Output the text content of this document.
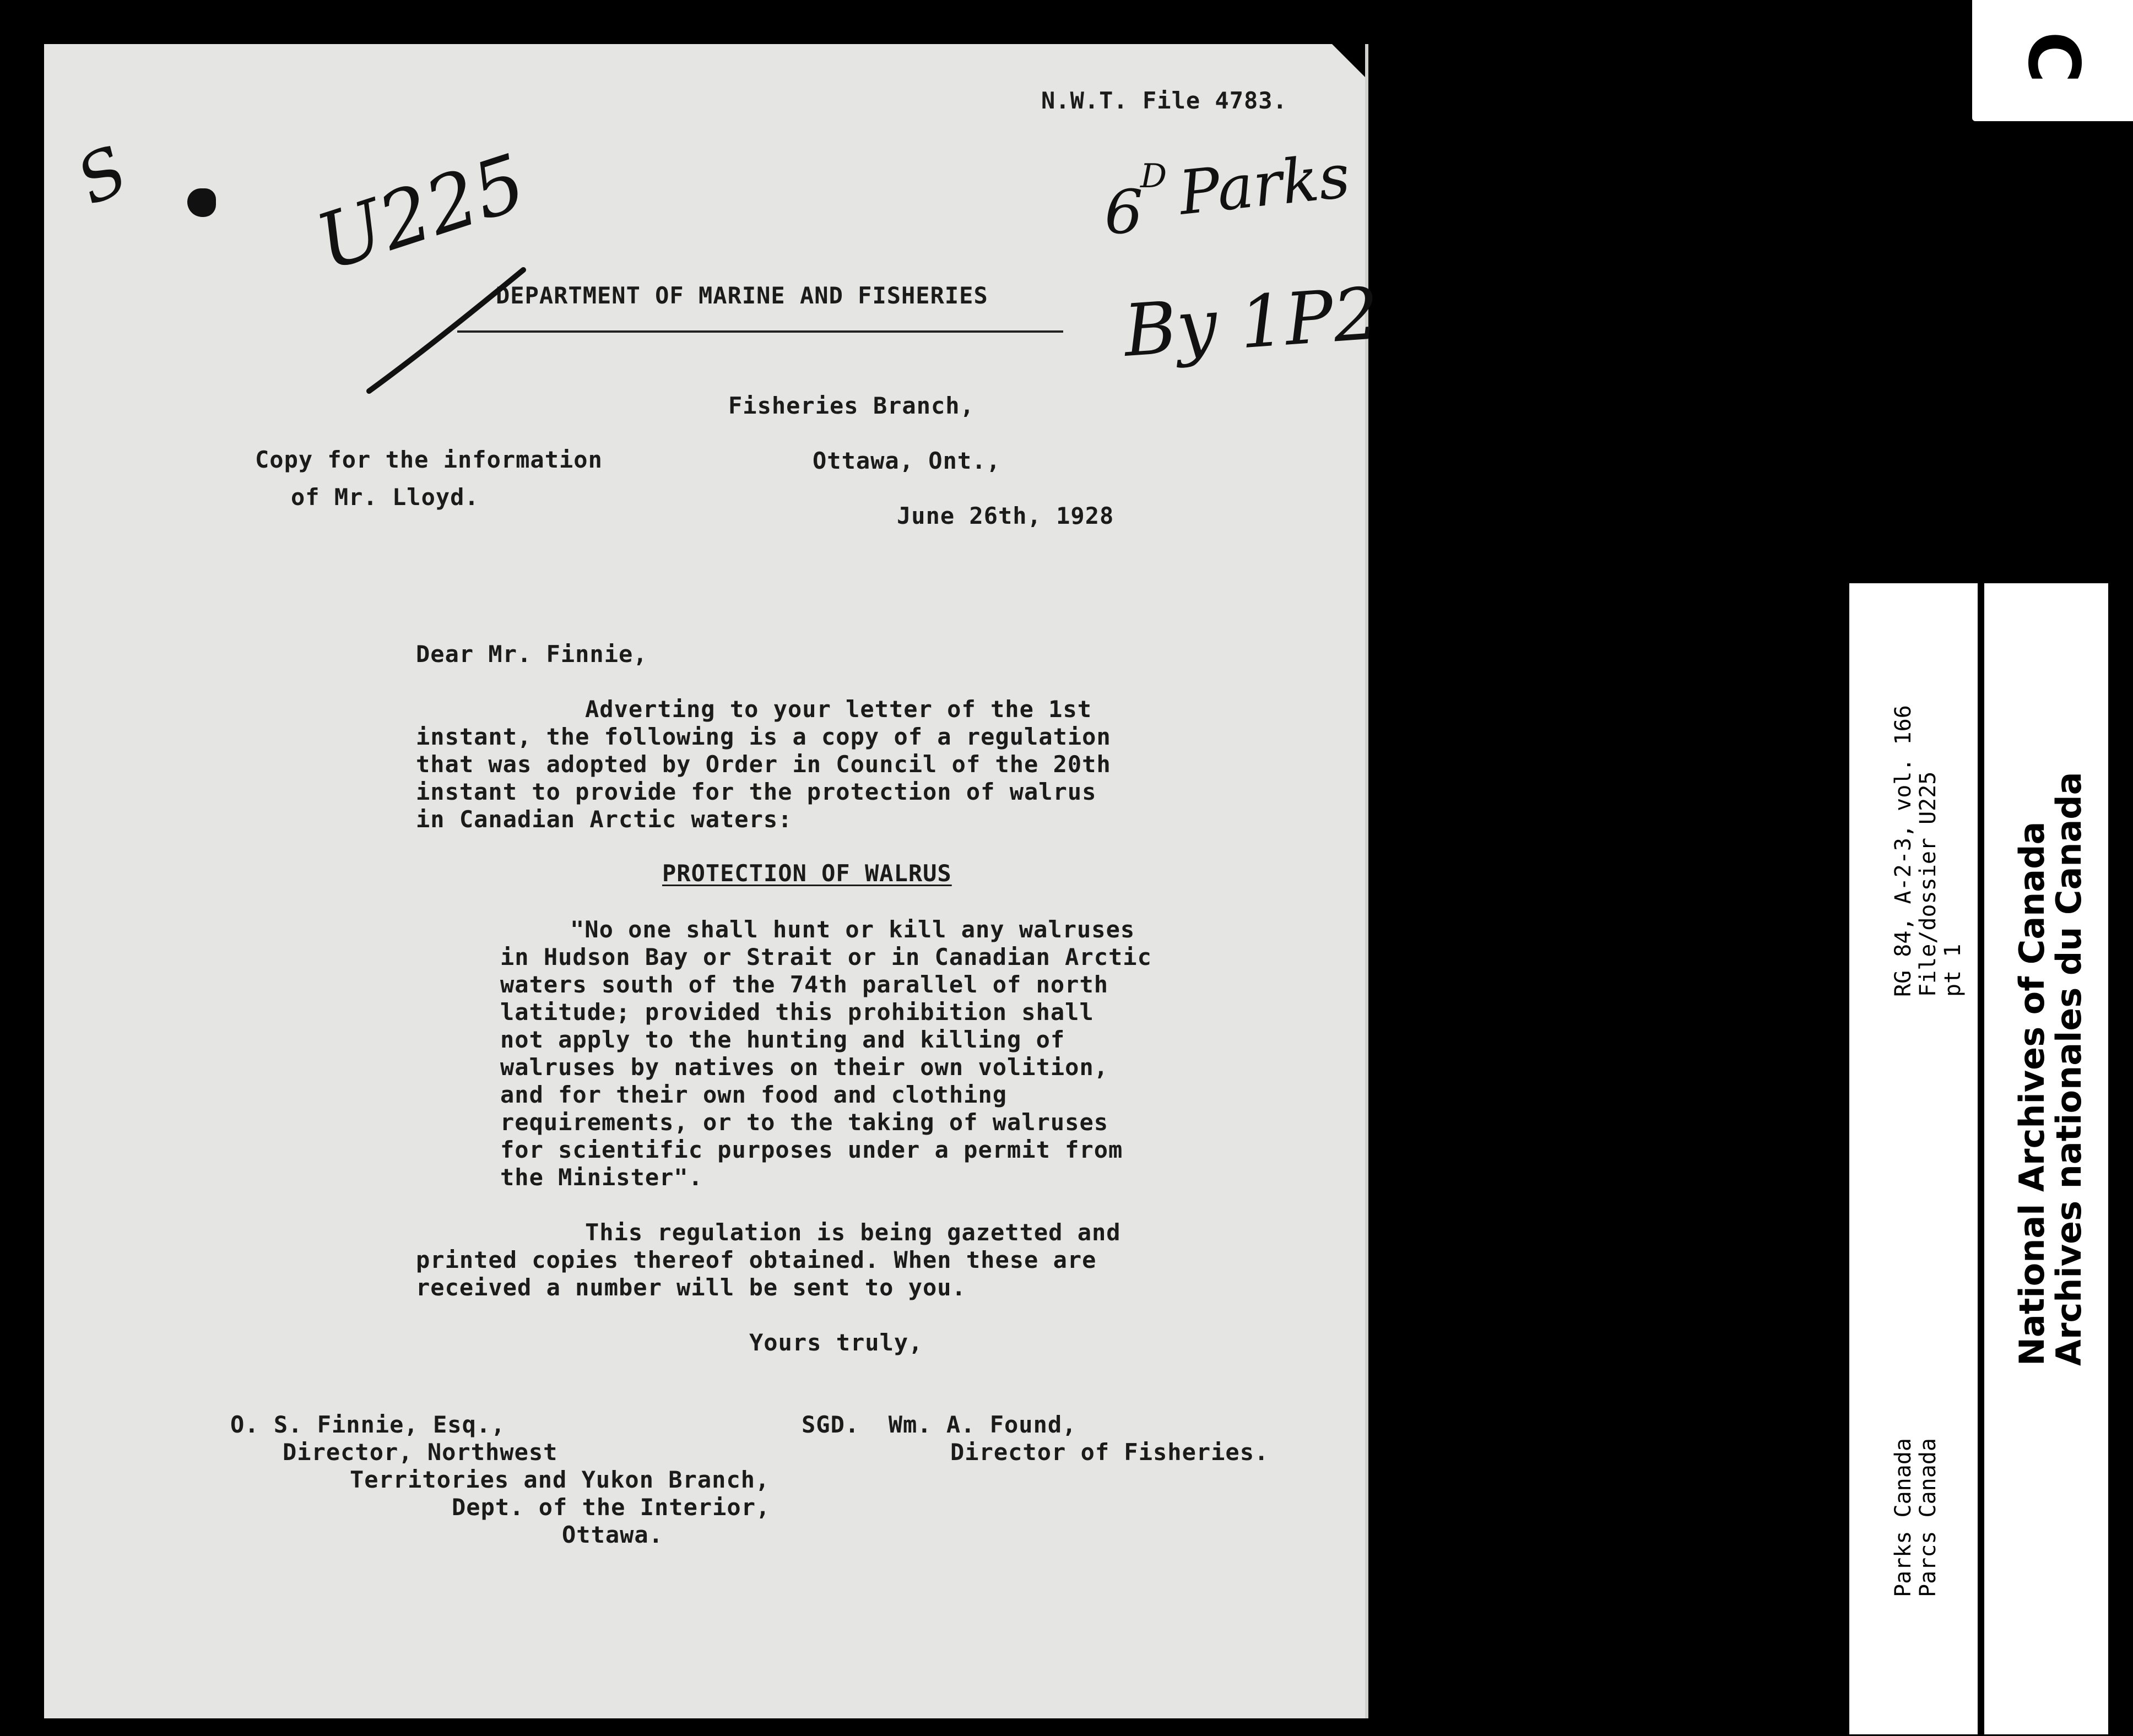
N.W.T. File 4783.

DEPARTMENT OF MARINE AND FISHERIES

Fisheries Branch,

Ottawa, Ont.,

June 26th, 1928

Copy for the information

of Mr. Lloyd.

Dear Mr. Finnie,

Adverting to your letter of the 1st

instant, the following is a copy of a regulation

that was adopted by Order in Council of the 20th

instant to provide for the protection of walrus

in Canadian Arctic waters:

PROTECTION OF WALRUS

"No one shall hunt or kill any walruses

in Hudson Bay or Strait or in Canadian Arctic

waters south of the 74th parallel of north

latitude; provided this prohibition shall

not apply to the hunting and killing of

walruses by natives on their own volition,

and for their own food and clothing

requirements, or to the taking of walruses

for scientific purposes under a permit from

the Minister".

This regulation is being gazetted and

printed copies thereof obtained. When these are

received a number will be sent to you.

Yours truly,

O. S. Finnie, Esq.,

Director, Northwest

Territories and Yukon Branch,

Dept. of the Interior,

Ottawa.

SGD.  Wm. A. Found,

Director of Fisheries.

U225

S	6

D Parks

By 1P2

C

RG 84, A-2-3, vol. 166 File/dossier U225 pt 1

Parks Canada Parcs Canada

National Archives of Canada

Archives nationales du Canada
